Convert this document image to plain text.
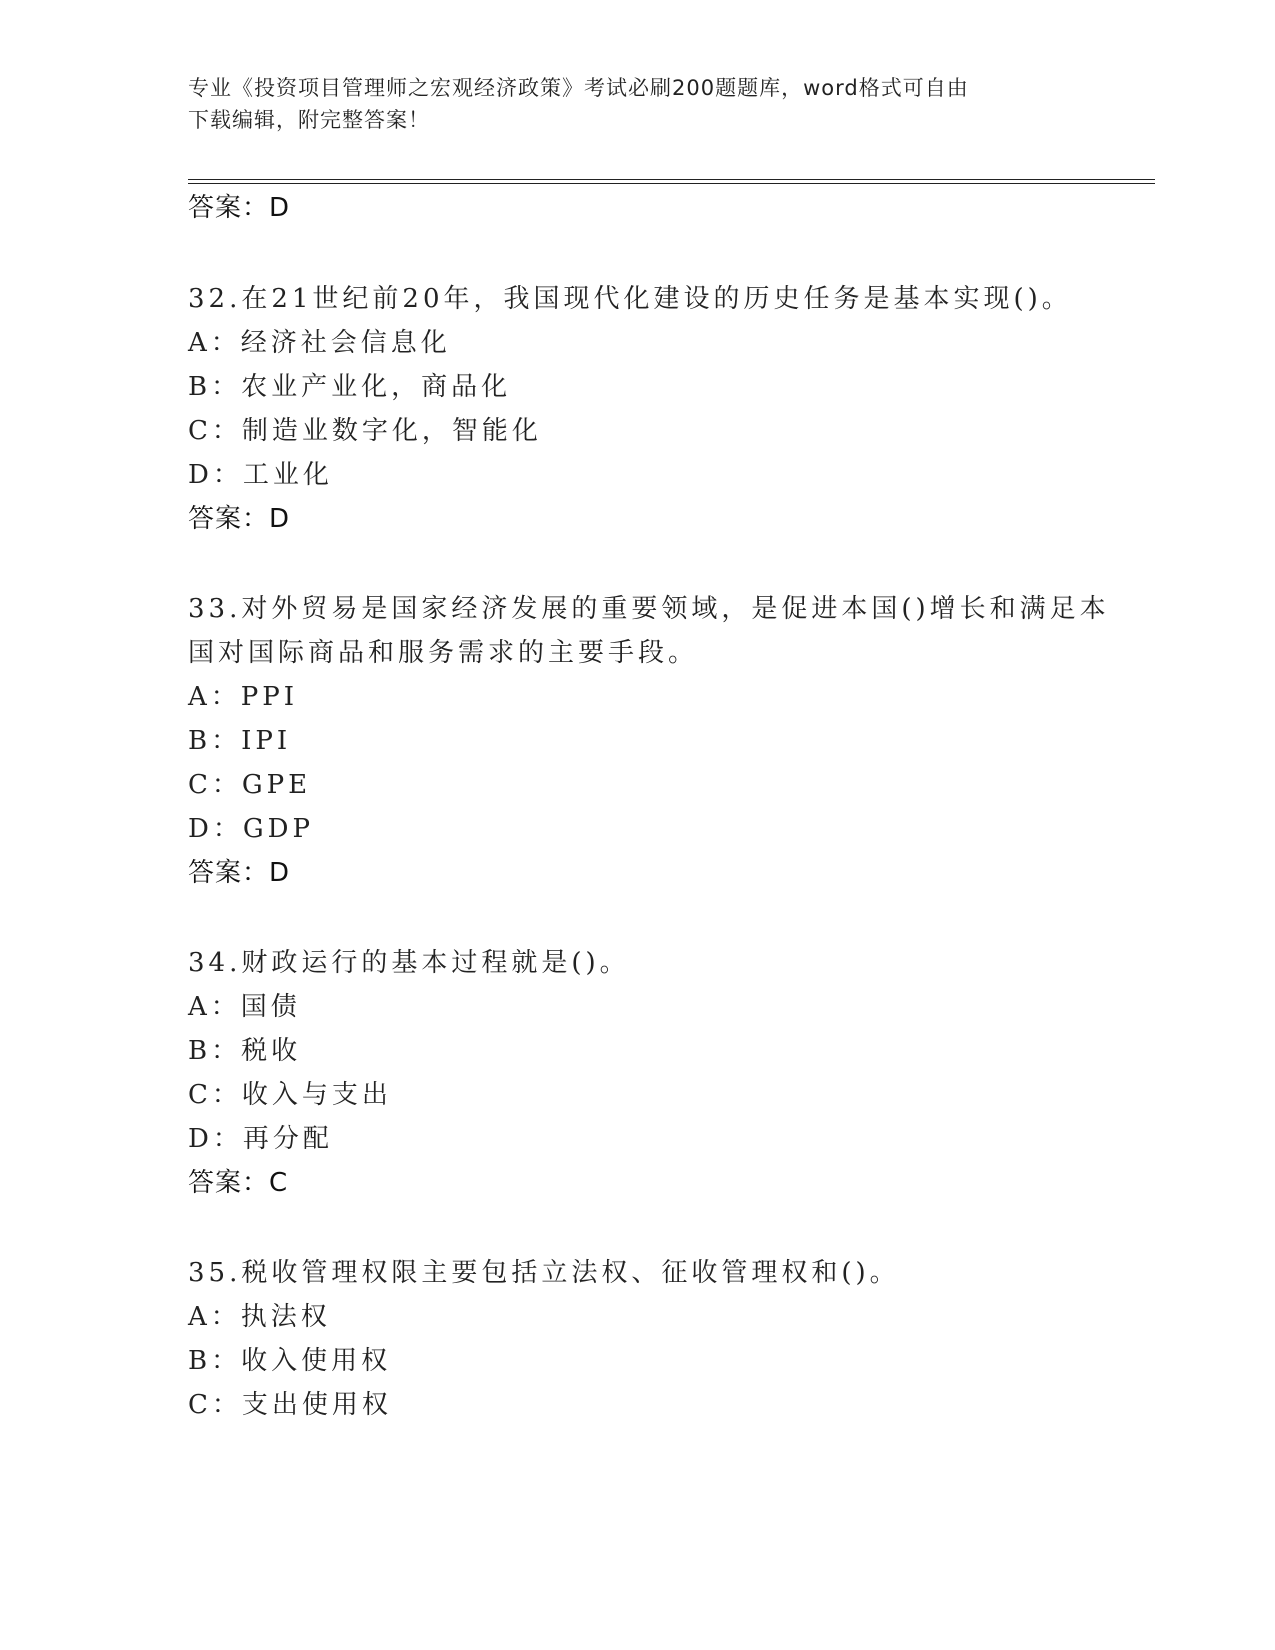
专业《投资项目管理师之宏观经济政策》考试必刷200题题库，word格式可自由
下载编辑，附完整答案！
答案：D
32.在21世纪前20年，我国现代化建设的历史任务是基本实现()。
A：经济社会信息化
B：农业产业化，商品化
C：制造业数字化，智能化
D：工业化
答案：D
33.对外贸易是国家经济发展的重要领域，是促进本国()增长和满足本
国对国际商品和服务需求的主要手段。
A：PPI
B：IPI
C：GPE
D：GDP
答案：D
34.财政运行的基本过程就是()。
A：国债
B：税收
C：收入与支出
D：再分配
答案：C
35.税收管理权限主要包括立法权、征收管理权和()。
A：执法权
B：收入使用权
C：支出使用权
